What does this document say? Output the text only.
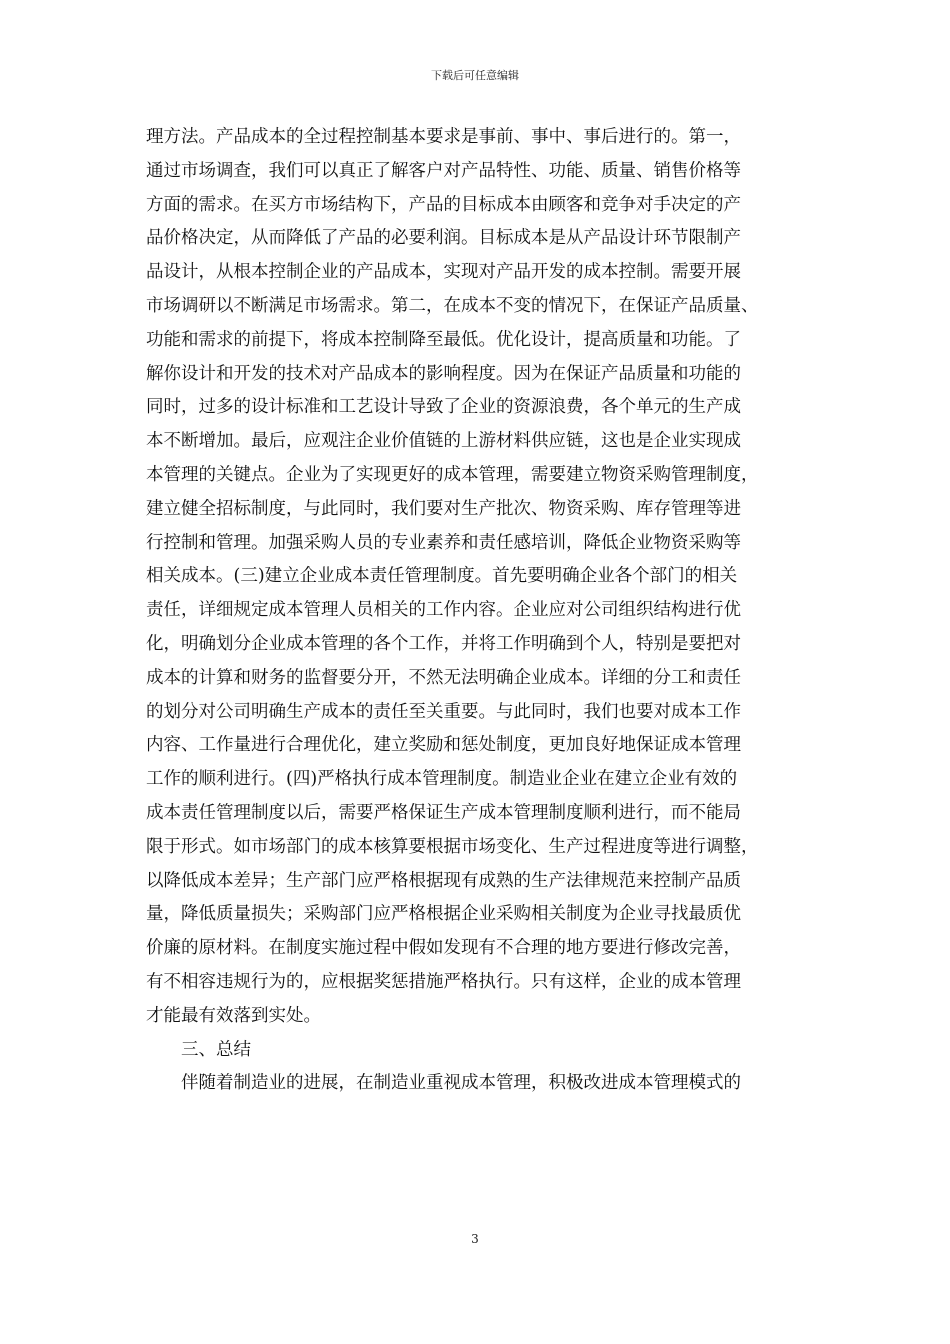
下载后可任意编辑
理方法。产品成本的全过程控制基本要求是事前、事中、事后进行的。第一，
通过市场调查，我们可以真正了解客户对产品特性、功能、质量、销售价格等
方面的需求。在买方市场结构下，产品的目标成本由顾客和竞争对手决定的产
品价格决定，从而降低了产品的必要利润。目标成本是从产品设计环节限制产
品设计，从根本控制企业的产品成本，实现对产品开发的成本控制。需要开展
市场调研以不断满足市场需求。第二，在成本不变的情况下，在保证产品质量、
功能和需求的前提下，将成本控制降至最低。优化设计，提高质量和功能。了
解你设计和开发的技术对产品成本的影响程度。因为在保证产品质量和功能的
同时，过多的设计标准和工艺设计导致了企业的资源浪费，各个单元的生产成
本不断增加。最后，应观注企业价值链的上游材料供应链，这也是企业实现成
本管理的关键点。企业为了实现更好的成本管理，需要建立物资采购管理制度，
建立健全招标制度，与此同时，我们要对生产批次、物资采购、库存管理等进
行控制和管理。加强采购人员的专业素养和责任感培训，降低企业物资采购等
相关成本。(三)建立企业成本责任管理制度。首先要明确企业各个部门的相关
责任，详细规定成本管理人员相关的工作内容。企业应对公司组织结构进行优
化，明确划分企业成本管理的各个工作，并将工作明确到个人，特别是要把对
成本的计算和财务的监督要分开，不然无法明确企业成本。详细的分工和责任
的划分对公司明确生产成本的责任至关重要。与此同时，我们也要对成本工作
内容、工作量进行合理优化，建立奖励和惩处制度，更加良好地保证成本管理
工作的顺利进行。(四)严格执行成本管理制度。制造业企业在建立企业有效的
成本责任管理制度以后，需要严格保证生产成本管理制度顺利进行，而不能局
限于形式。如市场部门的成本核算要根据市场变化、生产过程进度等进行调整，
以降低成本差异；生产部门应严格根据现有成熟的生产法律规范来控制产品质
量，降低质量损失；采购部门应严格根据企业采购相关制度为企业寻找最质优
价廉的原材料。在制度实施过程中假如发现有不合理的地方要进行修改完善，
有不相容违规行为的，应根据奖惩措施严格执行。只有这样，企业的成本管理
才能最有效落到实处。
三、总结
伴随着制造业的进展，在制造业重视成本管理，积极改进成本管理模式的
3
